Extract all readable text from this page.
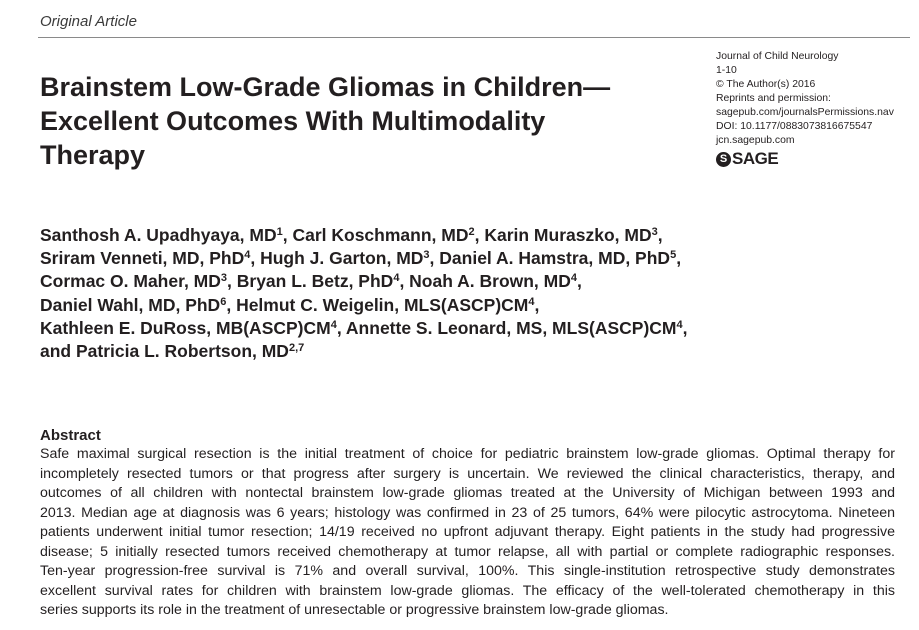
Original Article
Brainstem Low-Grade Gliomas in Children—Excellent Outcomes With Multimodality Therapy
Journal of Child Neurology
1-10
© The Author(s) 2016
Reprints and permission:
sagepub.com/journalsPermissions.nav
DOI: 10.1177/0883073816675547
jcn.sagepub.com
S SAGE
Santhosh A. Upadhyaya, $MD^1$, Carl Koschmann, $MD^2$, Karin Muraszko, $MD^3$,
Sriram Venneti, MD, PhD$^4$, Hugh J. Garton, $MD^3$, Daniel A. Hamstra, MD, PhD$^5$,
Cormac O. Maher, $MD^3$, Bryan L. Betz, PhD$^4$, Noah A. Brown, $MD^4$,
Daniel Wahl, MD, PhD$^6$, Helmut C. Weigelin, $MLS(ASCP)CM^4$,
Kathleen E. DuRoss, $MB(ASCP)CM^4$, Annette S. Leonard, MS, $MLS(ASCP)CM^4$,
and Patricia L. Robertson, MD$^{2,7}$
Abstract
Safe maximal surgical resection is the initial treatment of choice for pediatric brainstem low-grade gliomas. Optimal therapy for
incompletely resected tumors or that progress after surgery is uncertain. We reviewed the clinical characteristics, therapy, and
outcomes of all children with nontectal brainstem low-grade gliomas treated at the University of Michigan between 1993 and
2013. Median age at diagnosis was 6 years; histology was confirmed in 23 of 25 tumors, 64% were pilocytic astrocytoma. Nineteen
patients underwent initial tumor resection; 14/19 received no upfront adjuvant therapy. Eight patients in the study had progressive
disease; 5 initially resected tumors received chemotherapy at tumor relapse, all with partial or complete radiographic responses.
Ten-year progression-free survival is 71% and overall survival, 100%. This single-institution retrospective study demonstrates
excellent survival rates for children with brainstem low-grade gliomas. The efficacy of the well-tolerated chemotherapy in this
series supports its role in the treatment of unresectable or progressive brainstem low-grade gliomas.
